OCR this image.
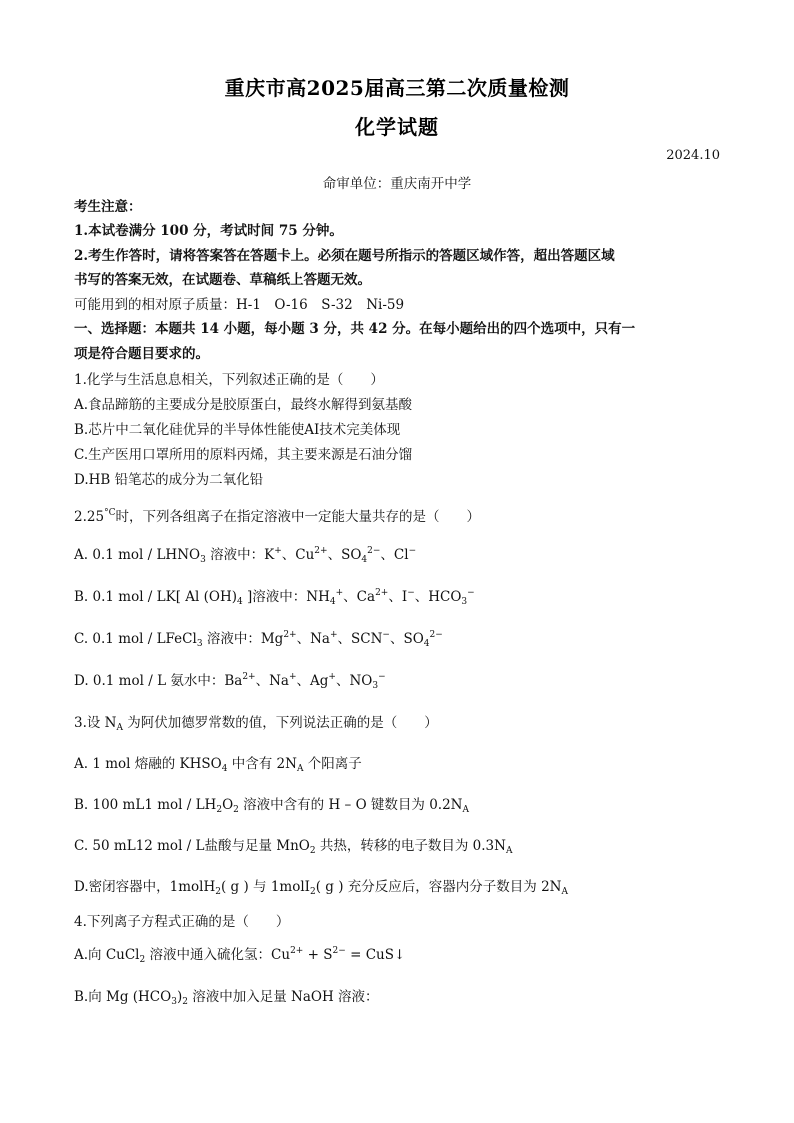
重庆市高2025届高三第二次质量检测
化学试题
2024.10
命审单位：重庆南开中学
考生注意：
1.本试卷满分 100 分，考试时间 75 分钟。
2.考生作答时，请将答案答在答题卡上。必须在题号所指示的答题区域作答，超出答题区域
书写的答案无效，在试题卷、草稿纸上答题无效。
可能用到的相对原子质量：H-1　O-16　S-32　Ni-59
一、选择题：本题共 14 小题，每小题 3 分，共 42 分。在每小题给出的四个选项中，只有一
项是符合题目要求的。
1.化学与生活息息相关，下列叙述正确的是（　　）
A.食品蹄筋的主要成分是胶原蛋白，最终水解得到氨基酸
B.芯片中二氧化硅优异的半导体性能使AI技术完美体现
C.生产医用口罩所用的原料丙烯，其主要来源是石油分馏
D.HB 铅笔芯的成分为二氧化铅
$2.25^{^\circ C}$时，下列各组离子在指定溶液中一定能大量共存的是（　　）
A. 0.1 mol / $LHNO_3$ 溶液中：K+、$Cu^{2+}$、$SO_4^{2-}$、Cl−
B. 0.1 mol / LK[ Al $(OH)_4$ ]溶液中：$NH_4^+$、$Ca^{2+}$、I−、$HCO_3^-$
C. 0.1 mol / LFeCl$_3$ 溶液中：$Mg^{2+}$、Na+、SCN−、$SO_4^{2-}$
D. 0.1 mol / L 氨水中：$Ba^{2+}$、Na+、Ag+、$NO_3^-$
3.设 $N_A$ 为阿伏加德罗常数的值，下列说法正确的是（　　）
A. 1 mol 熔融的 $KHSO_4$ 中含有 $2N_A$ 个阳离子
B. 100 mL1 mol / $LH_2O_2$ 溶液中含有的 H – O 键数目为 $0.2N_A$
C. 50 mL12 mol / L盐酸与足量 MnO$_2$ 共热，转移的电子数目为 $0.3N_A$
D.密闭容器中，1molH$_2$( g ) 与 1molI$_2$( g ) 充分反应后，容器内分子数目为 $2N_A$
4.下列离子方程式正确的是（　　）
A.向 CuCl$_2$ 溶液中通入硫化氢：$Cu^{2+} + S^{2-}$ = CuS↓
B.向 Mg $(HCO_3)_2$ 溶液中加入足量 NaOH 溶液：
